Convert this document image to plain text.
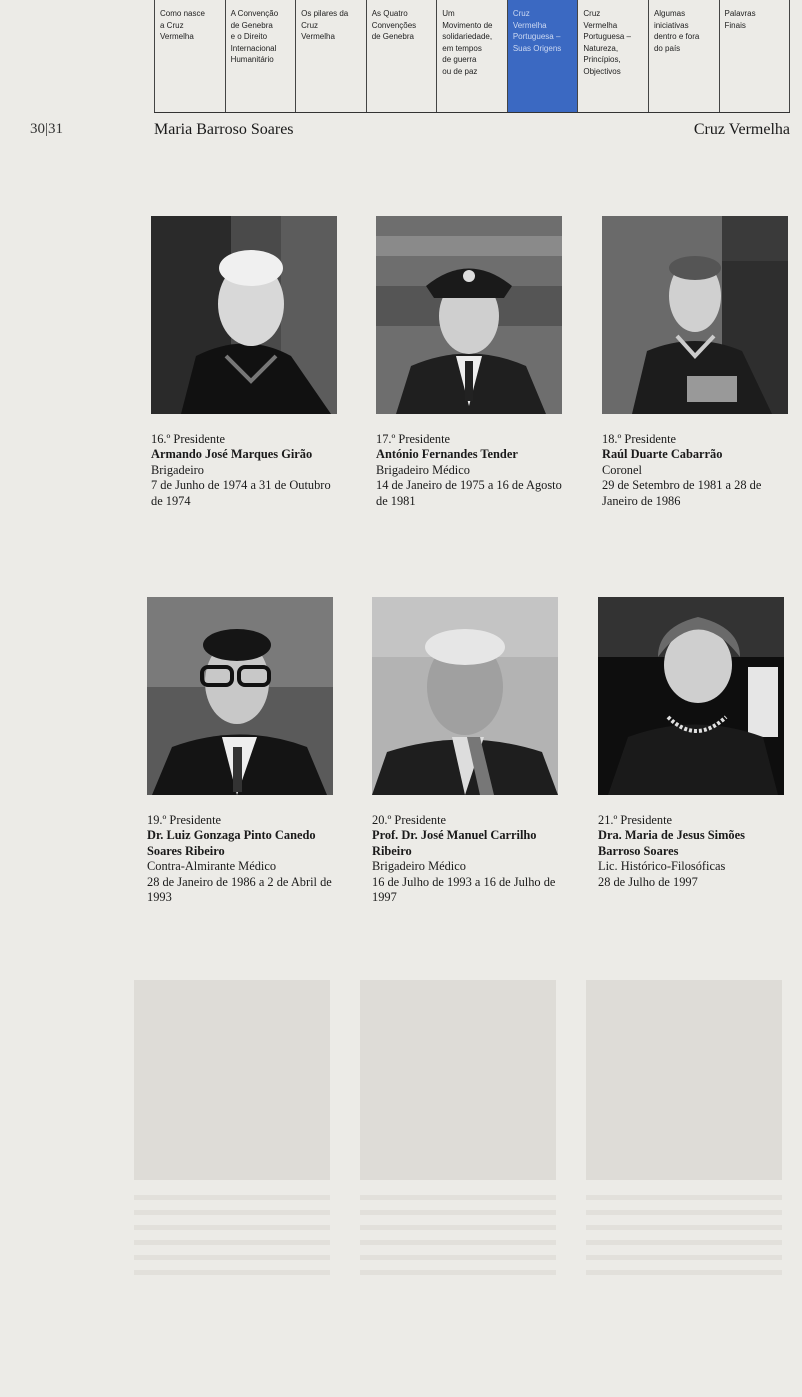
Como nasce
a Cruz
Vermelha
A Convenção
de Genebra
e o Direito
Internacional
Humanitário
Os pilares da
Cruz
Vermelha
As Quatro
Convenções
de Genebra
Um
Movimento de
solidariedade,
em tempos
de guerra
ou de paz
Cruz
Vermelha
Portuguesa –
Suas Origens
Cruz
Vermelha
Portuguesa –
Natureza,
Princípios,
Objectivos
Algumas
iniciativas
dentro e fora
do país
Palavras
Finais
30|31	Maria Barroso Soares	Cruz Vermelha
16.º Presidente
Armando José Marques Girão
Brigadeiro
7 de Junho de 1974 a 31 de Outubro de 1974
17.º Presidente
António Fernandes Tender
Brigadeiro Médico
14 de Janeiro de 1975 a 16 de Agosto de 1981
18.º Presidente
Raúl Duarte Cabarrão
Coronel
29 de Setembro de 1981 a 28 de Janeiro de 1986
19.º Presidente
Dr. Luiz Gonzaga Pinto Canedo Soares Ribeiro
Contra-Almirante Médico
28 de Janeiro de 1986 a 2 de Abril de 1993
20.º Presidente
Prof. Dr. José Manuel Carrilho Ribeiro
Brigadeiro Médico
16 de Julho de 1993 a 16 de Julho de 1997
21.º Presidente
Dra. Maria de Jesus Simões Barroso Soares
Lic. Histórico-Filosóficas
28 de Julho de 1997
